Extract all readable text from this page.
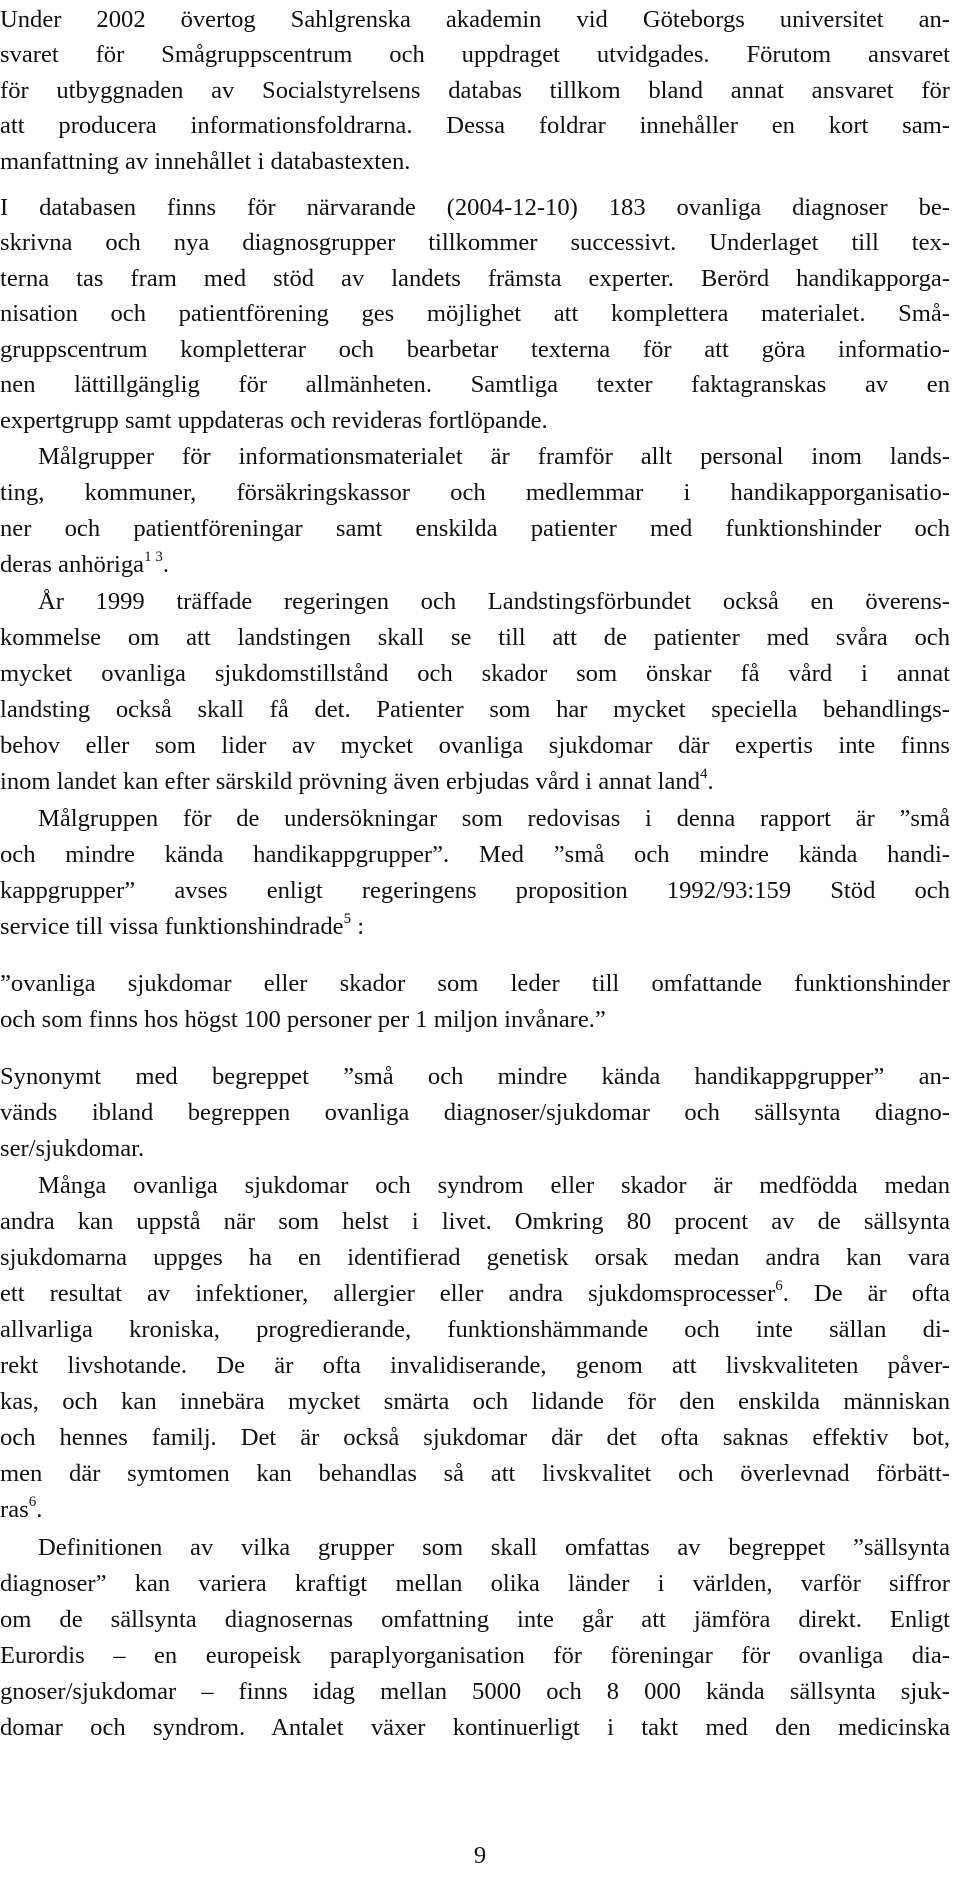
Under 2002 övertog Sahlgrenska akademin vid Göteborgs universitet an-
svaret för Smågruppscentrum och uppdraget utvidgades. Förutom ansvaret
för utbyggnaden av Socialstyrelsens databas tillkom bland annat ansvaret för
att producera informationsfoldrarna. Dessa foldrar innehåller en kort sam-
manfattning av innehållet i databastexten.
I databasen finns för närvarande (2004-12-10) 183 ovanliga diagnoser be-
skrivna och nya diagnosgrupper tillkommer successivt. Underlaget till tex-
terna tas fram med stöd av landets främsta experter. Berörd handikapporga-
nisation och patientförening ges möjlighet att komplettera materialet. Små-
gruppscentrum kompletterar och bearbetar texterna för att göra informatio-
nen lättillgänglig för allmänheten. Samtliga texter faktagranskas av en
expertgrupp samt uppdateras och revideras fortlöpande.
Målgrupper för informationsmaterialet är framför allt personal inom lands-
ting, kommuner, försäkringskassor och medlemmar i handikapporganisatio-
ner och patientföreningar samt enskilda patienter med funktionshinder och
deras anhöriga$^{1 3}$.
År 1999 träffade regeringen och Landstingsförbundet också en överens-
kommelse om att landstingen skall se till att de patienter med svåra och
mycket ovanliga sjukdomstillstånd och skador som önskar få vård i annat
landsting också skall få det. Patienter som har mycket speciella behandlings-
behov eller som lider av mycket ovanliga sjukdomar där expertis inte finns
inom landet kan efter särskild prövning även erbjudas vård i annat land$^4$.
Målgruppen för de undersökningar som redovisas i denna rapport är ”små
och mindre kända handikappgrupper”. Med ”små och mindre kända handi-
kappgrupper” avses enligt regeringens proposition 1992/93:159 Stöd och
service till vissa funktionshindrade$^5$ :
”ovanliga sjukdomar eller skador som leder till omfattande funktionshinder
och som finns hos högst 100 personer per 1 miljon invånare.”
Synonymt med begreppet ”små och mindre kända handikappgrupper” an-
vänds ibland begreppen ovanliga diagnoser/sjukdomar och sällsynta diagno-
ser/sjukdomar.
Många ovanliga sjukdomar och syndrom eller skador är medfödda medan
andra kan uppstå när som helst i livet. Omkring 80 procent av de sällsynta
sjukdomarna uppges ha en identifierad genetisk orsak medan andra kan vara
ett resultat av infektioner, allergier eller andra sjukdomsprocesser$^6$. De är ofta
allvarliga kroniska, progredierande, funktionshämmande och inte sällan di-
rekt livshotande. De är ofta invalidiserande, genom att livskvaliteten påver-
kas, och kan innebära mycket smärta och lidande för den enskilda människan
och hennes familj. Det är också sjukdomar där det ofta saknas effektiv bot,
men där symtomen kan behandlas så att livskvalitet och överlevnad förbätt-
ras$^6$.
Definitionen av vilka grupper som skall omfattas av begreppet ”sällsynta
diagnoser” kan variera kraftigt mellan olika länder i världen, varför siffror
om de sällsynta diagnosernas omfattning inte går att jämföra direkt. Enligt
Eurordis – en europeisk paraplyorganisation för föreningar för ovanliga dia-
gnoser/sjukdomar – finns idag mellan 5000 och 8 000 kända sällsynta sjuk-
domar och syndrom. Antalet växer kontinuerligt i takt med den medicinska
9
